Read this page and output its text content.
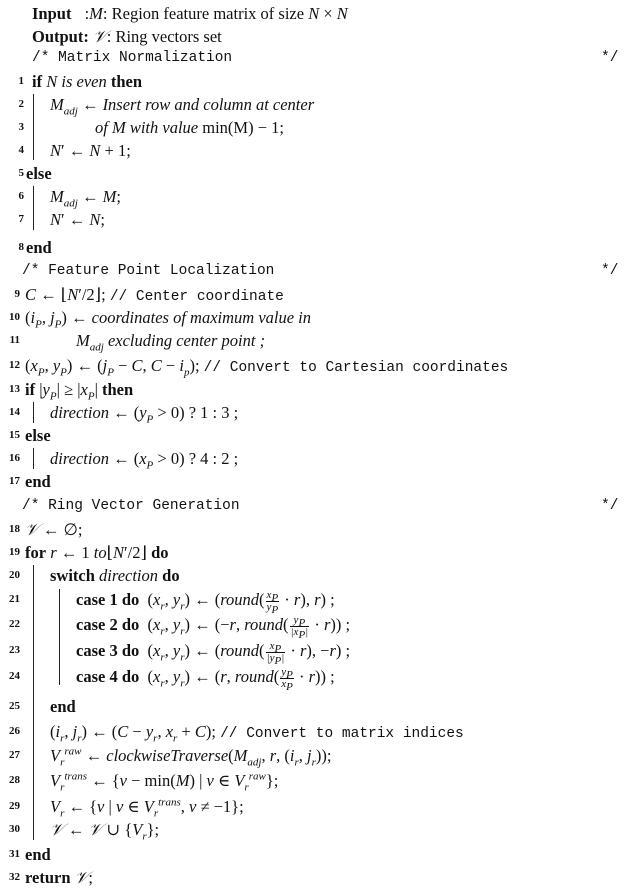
Input :M: Region feature matrix of size N × N
Output: 𝒱: Ring vectors set
/* Matrix Normalization	*/
1 if N is even then
2 $M_{adj}$ ← Insert row and column at center
3	of M with value min(M) − 1;
4 N′ ← N + 1;
5 else
6 $M_{adj}$ ← M;
7 N′ ← N;
8 end
/* Feature Point Localization	*/
9 C ← ⌊N′/2⌋; // Center coordinate
10 ($i_P$, $j_P$) ← coordinates of maximum value in
11	$M_{adj}$ excluding center point ;
12 ($x_P$, $y_P$) ← ($j_P - C$, $C - i_p$); // Convert to Cartesian coordinates
13 if $|y_P| \ge |x_P|$ then
14 direction ← $(y_P > 0)$ ? 1 : 3 ;
15 else
16 direction ← $(x_P > 0)$ ? 4 : 2 ;
17 end
/* Ring Vector Generation	*/
18 𝒱 ← ∅;
19 for r ← 1 to⌊N′/2⌋ do
20 switch direction do
21	case 1 do  ($x_r$, $y_r$) ← (round( $\frac{x_P}{y_P} \cdot r$), r) ;
22	case 2 do  ($x_r$, $y_r$) ← (−r, round( $\frac{y_P}{|x_P|} \cdot r$)) ;
23	case 3 do  ($x_r$, $y_r$) ← (round( $\frac{x_P}{|y_P|} \cdot r$), −r) ;
24	case 4 do  ($x_r$, $y_r$) ← (r, round( $\frac{y_P}{x_P} \cdot r$)) ;
25 end
26 ($i_r$, $j_r$) ← ($C - y_r$, $x_r + C$); // Convert to matrix indices
27 $V_r^{raw}$ ← $clockwiseTraverse(M_{adj}$, r, ($i_r$, $j_r$));
28 $V_r^{trans}$ ← {v − min(M) | v ∈ $V_r^{raw}$};
29 $V_r$ ← {v | v ∈ $V_r^{trans}$, v ≠ −1};
30 𝒱 ← 𝒱 ∪ $\{V_r\}$;
31 end
32 return 𝒱;
